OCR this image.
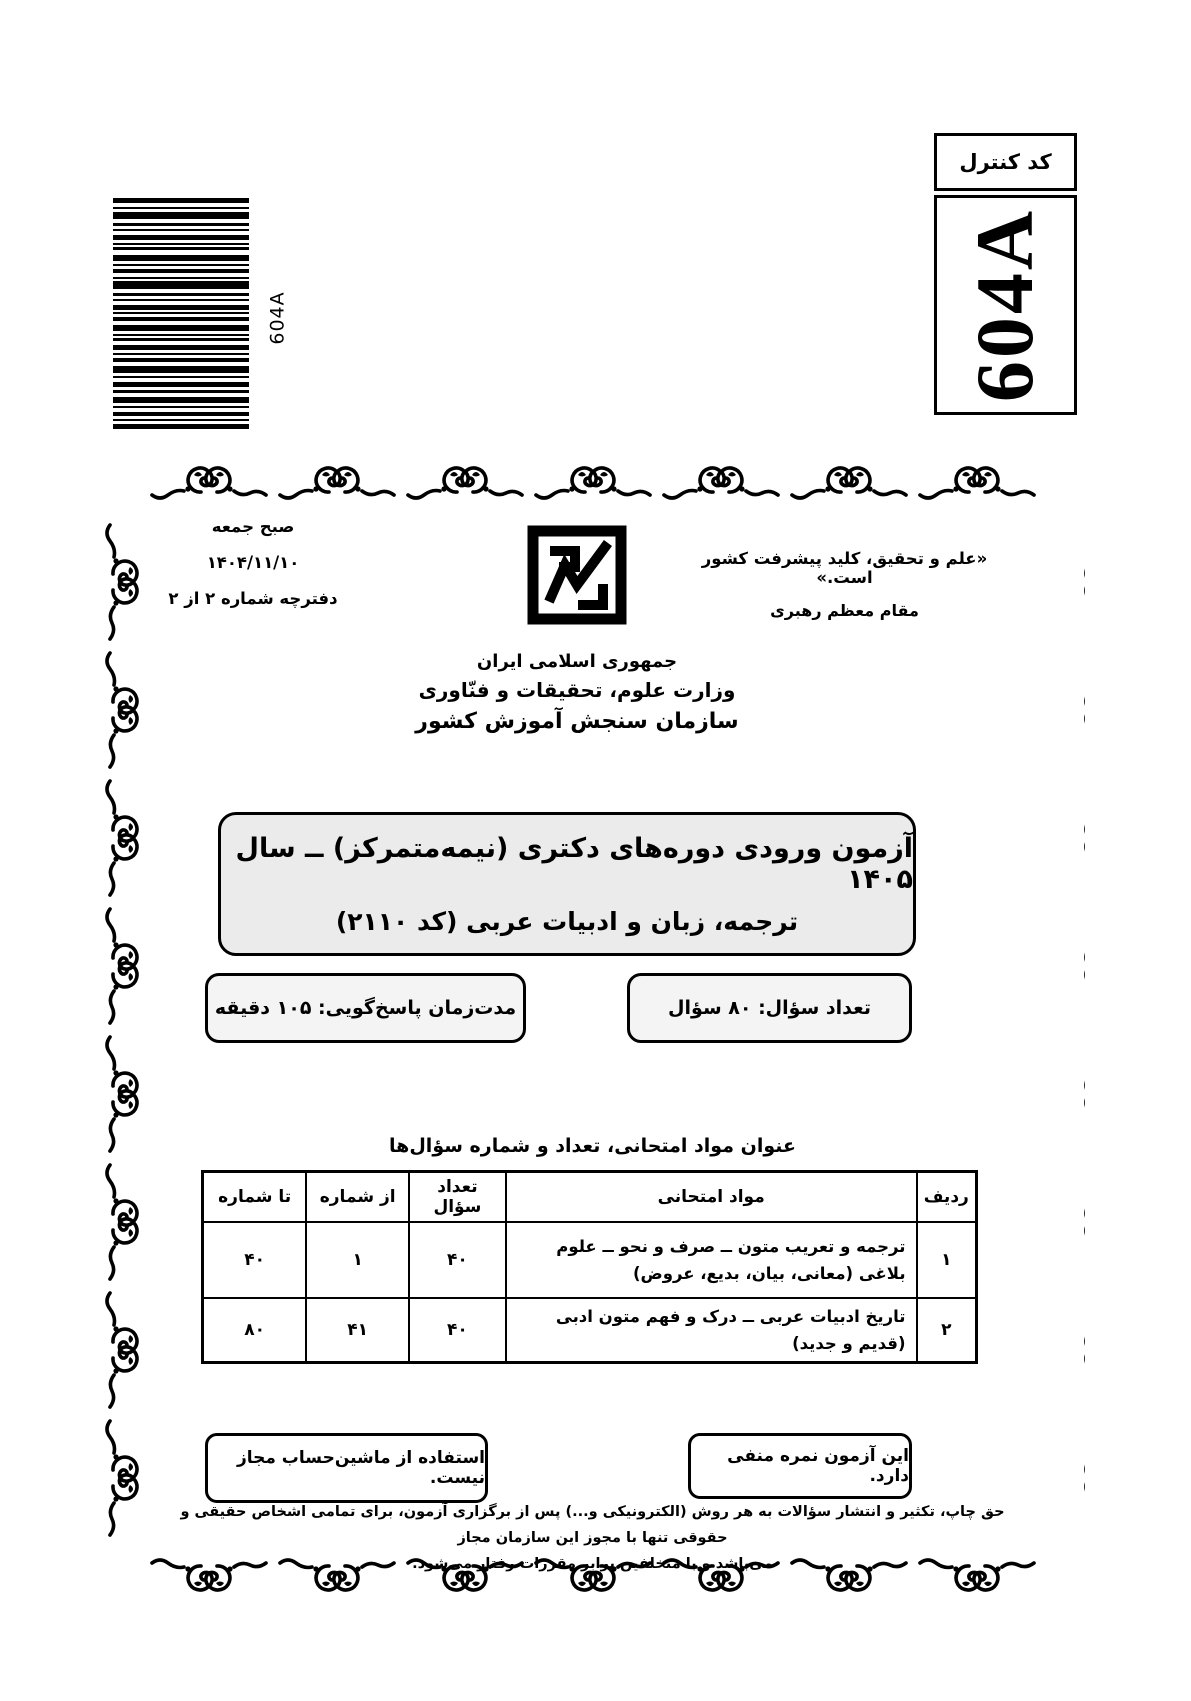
کد کنترل
604A
604A
صبح جمعه
۱۴۰۴/۱۱/۱۰
دفترچه شماره ۲ از ۲
جمهوری اسلامی ایران
وزارت علوم، تحقیقات و فنّاوری
سازمان سنجش آموزش کشور
«علم و تحقیق، کلید پیشرفت کشور است.»
مقام معظم رهبری
آزمون ورودی دوره‌های دکتری (نیمه‌متمرکز) ــ سال ۱۴۰۵
ترجمه، زبان و ادبیات عربی (کد ۲۱۱۰)
تعداد سؤال: ۸۰ سؤال
مدت‌زمان پاسخ‌گویی: ۱۰۵ دقیقه
عنوان مواد امتحانی، تعداد و شماره سؤال‌ها
ردیف	مواد امتحانی	تعداد سؤال	از شماره	تا شماره
۱	ترجمه و تعریب متون ــ صرف و نحو ــ علوم بلاغی (معانی، بیان، بدیع، عروض)	۴۰	۱	۴۰
۲	تاریخ ادبیات عربی ــ درک و فهم متون ادبی (قدیم و جدید)	۴۰	۴۱	۸۰
این آزمون نمره منفی دارد.
استفاده از ماشین‌حساب مجاز نیست.
حق چاپ، تکثیر و انتشار سؤالات به هر روش (الکترونیکی و...) پس از برگزاری آزمون، برای تمامی اشخاص حقیقی و حقوقی تنها با مجوز این سازمان مجاز
می‌باشد و با متخلفین برابر مقررات رفتار می‌شود.
